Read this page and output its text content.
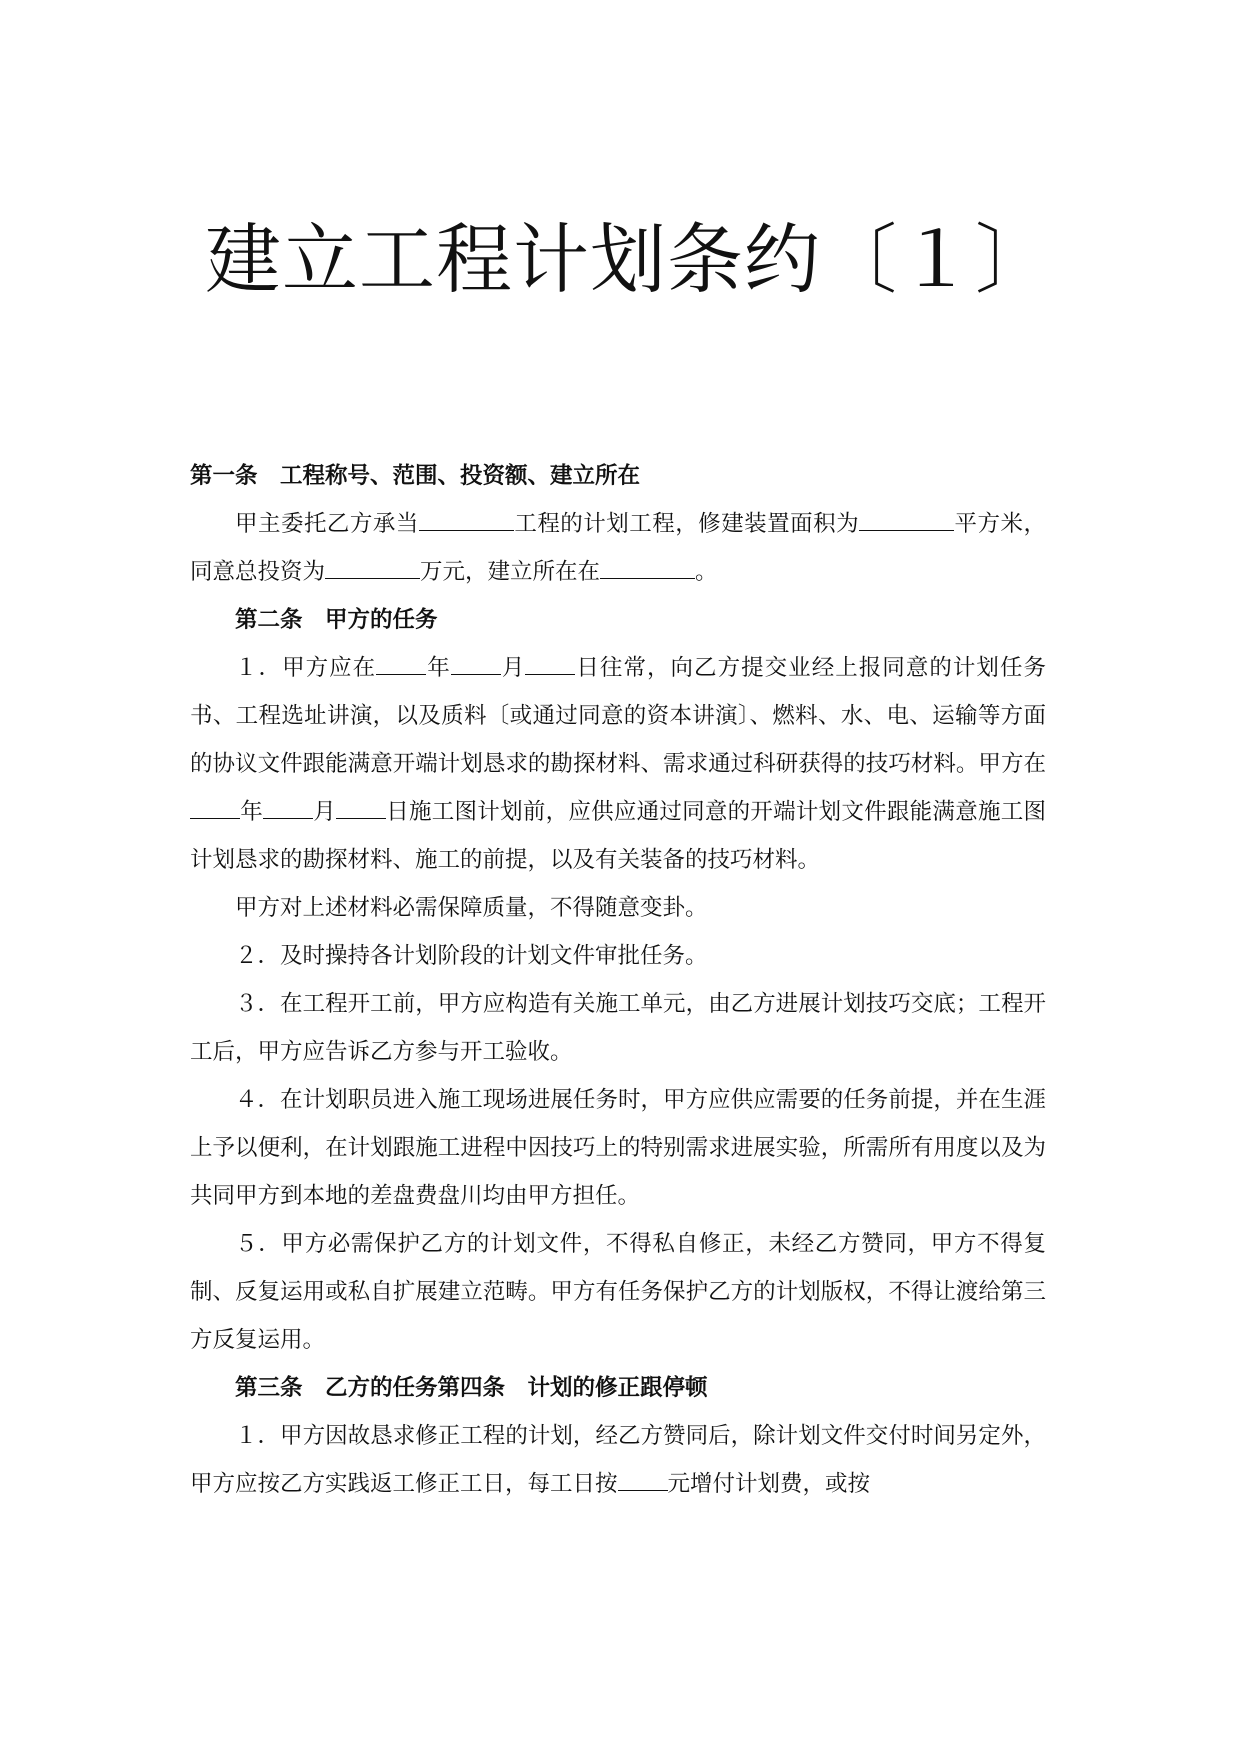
建立工程计划条约〔１〕

第一条　工程称号、范围、投资额、建立所在

甲主委托乙方承当	工程的计划工程，修建装置面积为	平方米，同意总投资为	万元，建立所在在	。

第二条　甲方的任务

１．甲方应在 年 月 日往常，向乙方提交业经上报同意的计划任务书、工程选址讲演，以及质料〔或通过同意的资本讲演〕、燃料、水、电、运输等方面的协议文件跟能满意开端计划恳求的勘探材料、需求通过科研获得的技巧材料。甲方在年 月 日施工图计划前，应供应通过同意的开端计划文件跟能满意施工图计划恳求的勘探材料、施工的前提，以及有关装备的技巧材料。

甲方对上述材料必需保障质量，不得随意变卦。

２．及时操持各计划阶段的计划文件审批任务。

３．在工程开工前，甲方应构造有关施工单元，由乙方进展计划技巧交底；工程开工后，甲方应告诉乙方参与开工验收。

４．在计划职员进入施工现场进展任务时，甲方应供应需要的任务前提，并在生涯上予以便利，在计划跟施工进程中因技巧上的特别需求进展实验，所需所有用度以及为共同甲方到本地的差盘费盘川均由甲方担任。

５．甲方必需保护乙方的计划文件，不得私自修正，未经乙方赞同，甲方不得复制、反复运用或私自扩展建立范畴。甲方有任务保护乙方的计划版权，不得让渡给第三方反复运用。

第三条　乙方的任务第四条　计划的修正跟停顿

１．甲方因故恳求修正工程的计划，经乙方赞同后，除计划文件交付时间另定外，甲方应按乙方实践返工修正工日，每工日按 元增付计划费，或按
